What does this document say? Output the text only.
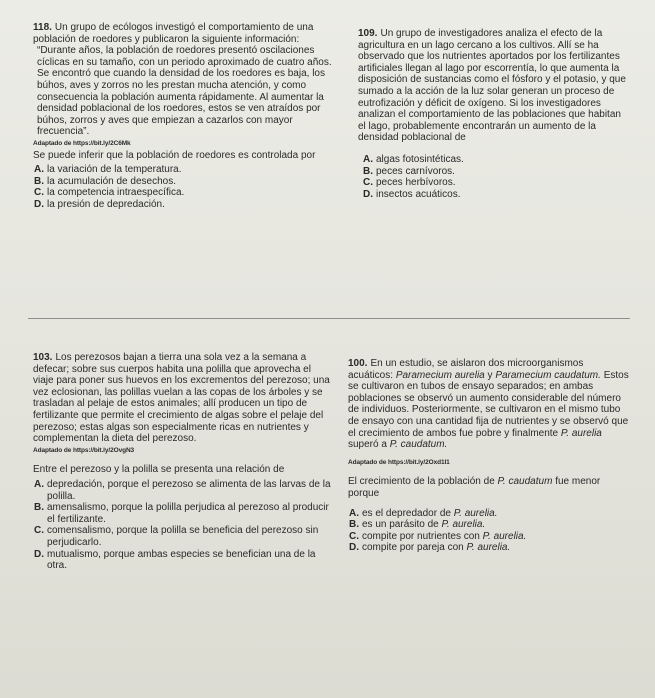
118. Un grupo de ecólogos investigó el comportamiento de una población de roedores y publicaron la siguiente información:

“Durante años, la población de roedores presentó oscilaciones cíclicas en su tamaño, con un periodo aproximado de cuatro años. Se encontró que cuando la densidad de los roedores es baja, los búhos, aves y zorros no les prestan mucha atención, y como consecuencia la población aumenta rápidamente. Al aumentar la densidad poblacional de los roedores, estos se ven atraídos por búhos, zorros y aves que empiezan a cazarlos con mayor frecuencia”.

Adaptado de https://bit.ly/2C6Mk

Se puede inferir que la población de roedores es controlada por

A. la variación de la temperatura.

B. la acumulación de desechos.

C. la competencia intraespecífica.

D. la presión de depredación.

109. Un grupo de investigadores analiza el efecto de la agricultura en un lago cercano a los cultivos. Allí se ha observado que los nutrientes aportados por los fertilizantes artificiales llegan al lago por escorrentía, lo que aumenta la disposición de sustancias como el fósforo y el potasio, y que sumado a la acción de la luz solar generan un proceso de eutrofización y déficit de oxígeno. Si los investigadores analizan el comportamiento de las poblaciones que habitan el lago, probablemente encontrarán un aumento de la densidad poblacional de

A. algas fotosintéticas.

B. peces carnívoros.

C. peces herbívoros.

D. insectos acuáticos.

103. Los perezosos bajan a tierra una sola vez a la semana a defecar; sobre sus cuerpos habita una polilla que aprovecha el viaje para poner sus huevos en los excrementos del perezoso; una vez eclosionan, las polillas vuelan a las copas de los árboles y se trasladan al pelaje de estos animales; allí producen un tipo de fertilizante que permite el crecimiento de algas sobre el pelaje del perezoso; estas algas son especialmente ricas en nutrientes y complementan la dieta del perezoso.

Adaptado de https://bit.ly/2OvgN3

Entre el perezoso y la polilla se presenta una relación de

A. depredación, porque el perezoso se alimenta de las larvas de la polilla.

B. amensalismo, porque la polilla perjudica al perezoso al producir el fertilizante.

C. comensalismo, porque la polilla se beneficia del perezoso sin perjudicarlo.

D. mutualismo, porque ambas especies se benefician una de la otra.

100. En un estudio, se aislaron dos microorganismos acuáticos: Paramecium aurelia y Paramecium caudatum. Estos se cultivaron en tubos de ensayo separados; en ambas poblaciones se observó un aumento considerable del número de individuos. Posteriormente, se cultivaron en el mismo tubo de ensayo con una cantidad fija de nutrientes y se observó que el crecimiento de ambos fue pobre y finalmente P. aurelia superó a P. caudatum.

Adaptado de https://bit.ly/2Oxd1I1

El crecimiento de la población de P. caudatum fue menor porque

A. es el depredador de P. aurelia.

B. es un parásito de P. aurelia.

C. compite por nutrientes con P. aurelia.

D. compite por pareja con P. aurelia.
